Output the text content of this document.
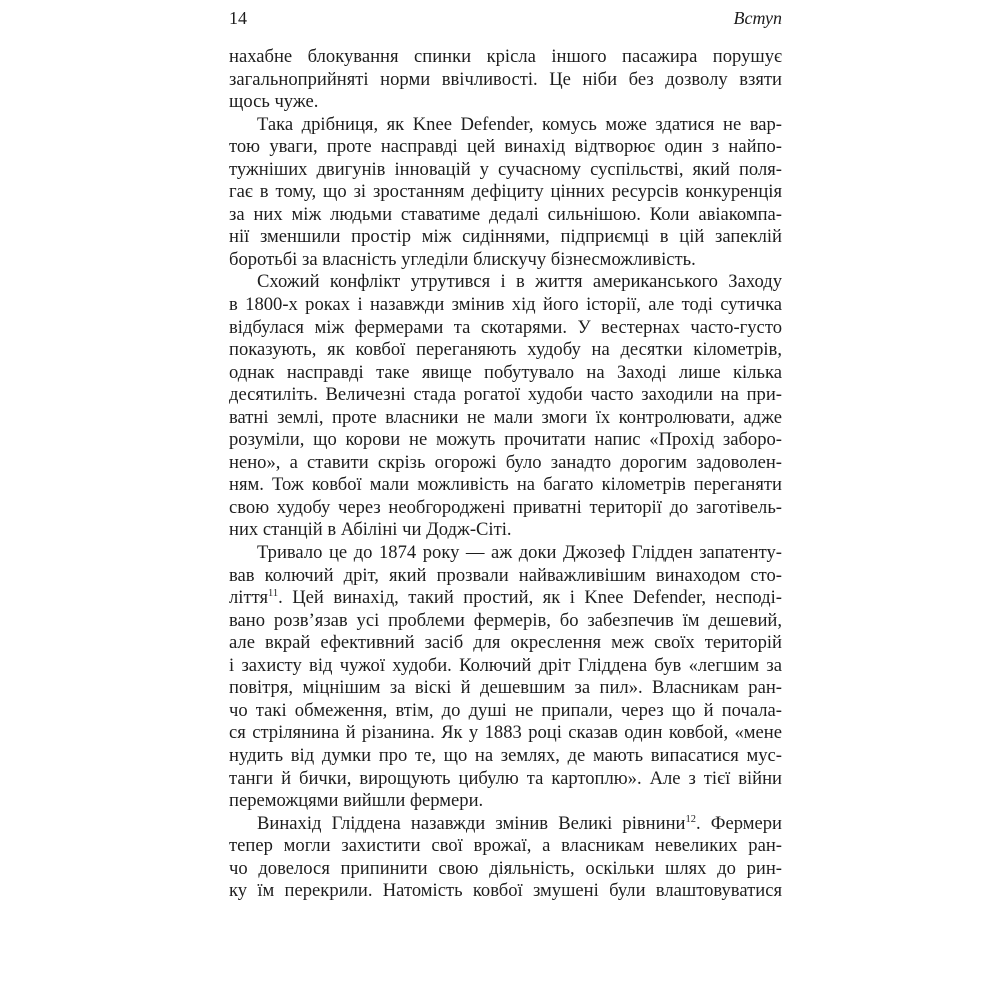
14	Вступ
нахабне блокування спинки крісла іншого пасажира порушує
загальноприйняті норми ввічливості. Це ніби без дозволу взяти
щось чуже.
Така дрібниця, як Knee Defender, комусь може здатися не вар-
тою уваги, проте насправді цей винахід відтворює один з найпо-
тужніших двигунів інновацій у сучасному суспільстві, який поля-
гає в тому, що зі зростанням дефіциту цінних ресурсів конкуренція
за них між людьми ставатиме дедалі сильнішою. Коли авіакомпа-
нії зменшили простір між сидіннями, підприємці в цій запеклій
боротьбі за власність угледіли блискучу бізнесможливість.
Схожий конфлікт утрутився і в життя американського Заходу
в 1800-х роках і назавжди змінив хід його історії, але тоді сутичка
відбулася між фермерами та скотарями. У вестернах часто-густо
показують, як ковбої переганяють худобу на десятки кілометрів,
однак насправді таке явище побутувало на Заході лише кілька
десятиліть. Величезні стада рогатої худоби часто заходили на при-
ватні землі, проте власники не мали змоги їх контролювати, адже
розуміли, що корови не можуть прочитати напис «Прохід заборо-
нено», а ставити скрізь огорожі було занадто дорогим задоволен-
ням. Тож ковбої мали можливість на багато кілометрів переганяти
свою худобу через необгороджені приватні території до заготівель-
них станцій в Абіліні чи Додж-Сіті.
Тривало це до 1874 року — аж доки Джозеф Глідден запатенту-
вав колючий дріт, який прозвали найважливішим винаходом сто-
ліття$^{11}$. Цей винахід, такий простий, як і Knee Defender, несподі-
вано розв’язав усі проблеми фермерів, бо забезпечив їм дешевий,
але вкрай ефективний засіб для окреслення меж своїх територій
і захисту від чужої худоби. Колючий дріт Гліддена був «легшим за
повітря, міцнішим за віскі й дешевшим за пил». Власникам ран-
чо такі обмеження, втім, до душі не припали, через що й почала-
ся стрілянина й різанина. Як у 1883 році сказав один ковбой, «мене
нудить від думки про те, що на землях, де мають випасатися мус-
танги й бички, вирощують цибулю та картоплю». Але з тієї війни
переможцями вийшли фермери.
Винахід Гліддена назавжди змінив Великі рівнини$^{12}$. Фермери
тепер могли захистити свої врожаї, а власникам невеликих ран-
чо довелося припинити свою діяльність, оскільки шлях до рин-
ку їм перекрили. Натомість ковбої змушені були влаштовуватися
